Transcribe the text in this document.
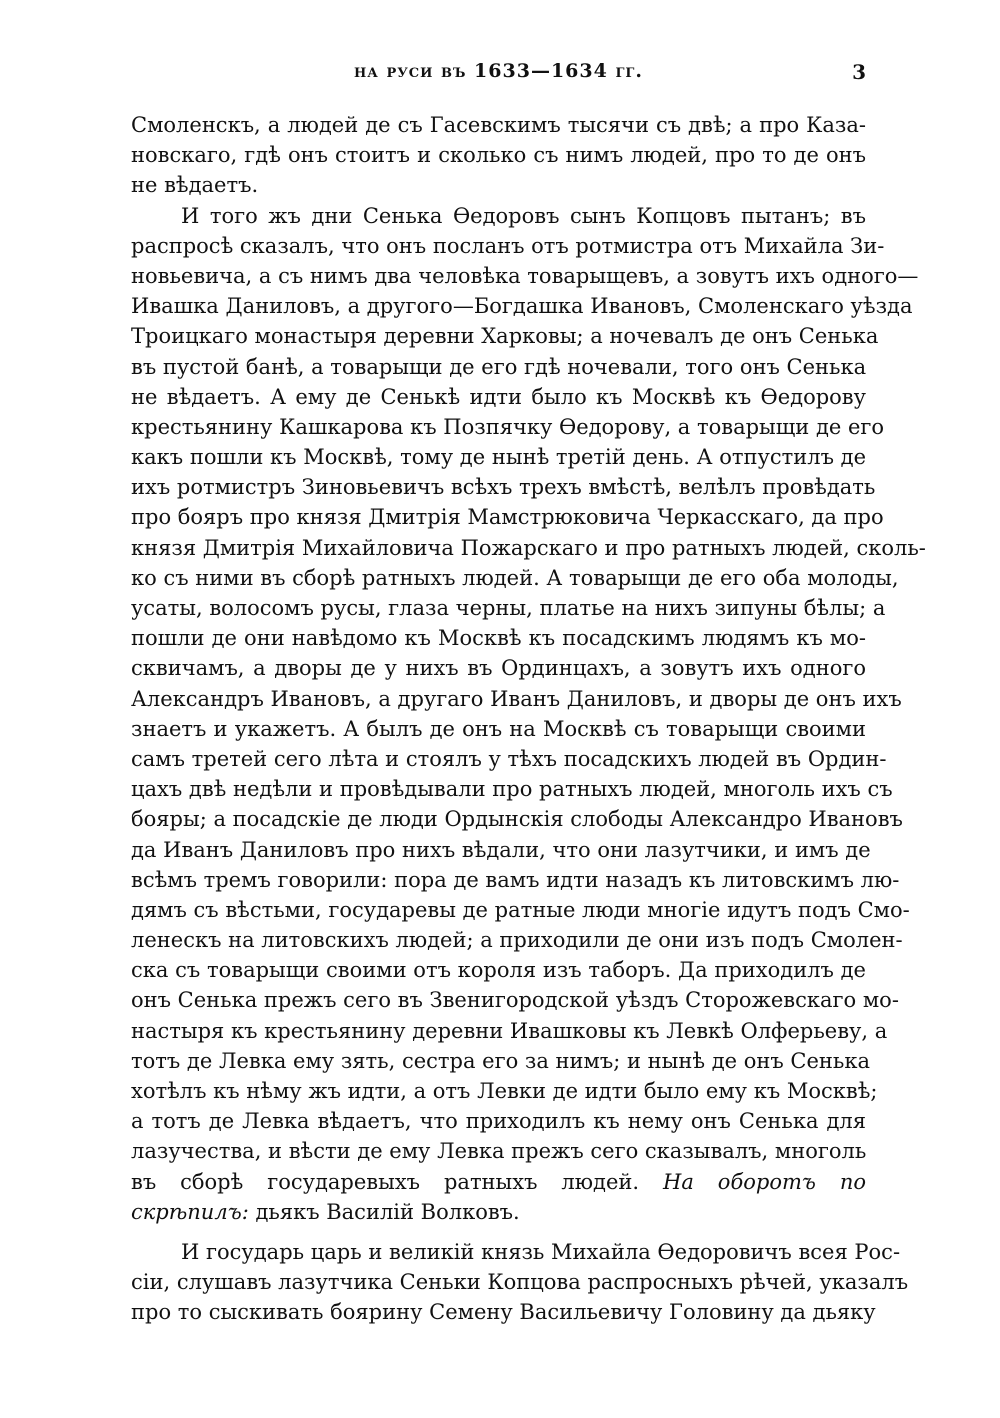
на руси въ 1633—1634 гг.	3
Смоленскъ, а людей де съ Гасевскимъ тысячи съ двѣ; а про Каза-
новскаго, гдѣ онъ стоитъ и сколько съ нимъ людей, про то де онъ
не вѣдаетъ.
И того жъ дни Сенька Ѳедоровъ сынъ Копцовъ пытанъ; въ
распросѣ сказалъ, что онъ посланъ отъ ротмистра отъ Михайла Зи-
новьевича, а съ нимъ два человѣка товарыщевъ, а зовутъ ихъ одного—
Ивашка Даниловъ, а другого—Богдашка Ивановъ, Смоленскаго уѣзда
Троицкаго монастыря деревни Харковы; а ночевалъ де онъ Сенька
въ пустой банѣ, а товарыщи де его гдѣ ночевали, того онъ Сенька
не вѣдаетъ. А ему де Сенькѣ идти было къ Москвѣ къ Ѳедорову
крестьянину Кашкарова къ Позпячку Ѳедорову, а товарыщи де его
какъ пошли къ Москвѣ, тому де нынѣ третій день. А отпустилъ де
ихъ ротмистръ Зиновьевичъ всѣхъ трехъ вмѣстѣ, велѣлъ провѣдать
про бояръ про князя Дмитрія Мамстрюковича Черкасскаго, да про
князя Дмитрія Михайловича Пожарскаго и про ратныхъ людей, сколь-
ко съ ними въ сборѣ ратныхъ людей. А товарыщи де его оба молоды,
усаты, волосомъ русы, глаза черны, платье на нихъ зипуны бѣлы; а
пошли де они навѣдомо къ Москвѣ къ посадскимъ людямъ къ мо-
сквичамъ, а дворы де у нихъ въ Ординцахъ, а зовутъ ихъ одного
Александръ Ивановъ, а другаго Иванъ Даниловъ, и дворы де онъ ихъ
знаетъ и укажетъ. А былъ де онъ на Москвѣ съ товарыщи своими
самъ третей сего лѣта и стоялъ у тѣхъ посадскихъ людей въ Ордин-
цахъ двѣ недѣли и провѣдывали про ратныхъ людей, многоль ихъ съ
бояры; а посадскіе де люди Ордынскія слободы Александро Ивановъ
да Иванъ Даниловъ про нихъ вѣдали, что они лазутчики, и имъ де
всѣмъ тремъ говорили: пора де вамъ идти назадъ къ литовскимъ лю-
дямъ съ вѣстьми, государевы де ратные люди многіе идутъ подъ Смо-
ленескъ на литовскихъ людей; а приходили де они изъ подъ Смолен-
ска съ товарыщи своими отъ короля изъ таборъ. Да приходилъ де
онъ Сенька прежъ сего въ Звенигородской уѣздъ Сторожевскаго мо-
настыря къ крестьянину деревни Ивашковы къ Левкѣ Олферьеву, а
тотъ де Левка ему зять, сестра его за нимъ; и нынѣ де онъ Сенька
хотѣлъ къ нѣму жъ идти, а отъ Левки де идти было ему къ Москвѣ;
а тотъ де Левка вѣдаетъ, что приходилъ къ нему онъ Сенька для
лазучества, и вѣсти де ему Левка прежъ сего сказывалъ, многоль
въ сборѣ государевыхъ ратныхъ людей. На оборотъ по
скрѣпилъ: дьякъ Василій Волковъ.
И государь царь и великій князь Михайла Ѳедоровичъ всея Рос-
сіи, слушавъ лазутчика Сеньки Копцова распросныхъ рѣчей, указалъ
про то сыскивать боярину Семену Васильевичу Головину да дьяку
